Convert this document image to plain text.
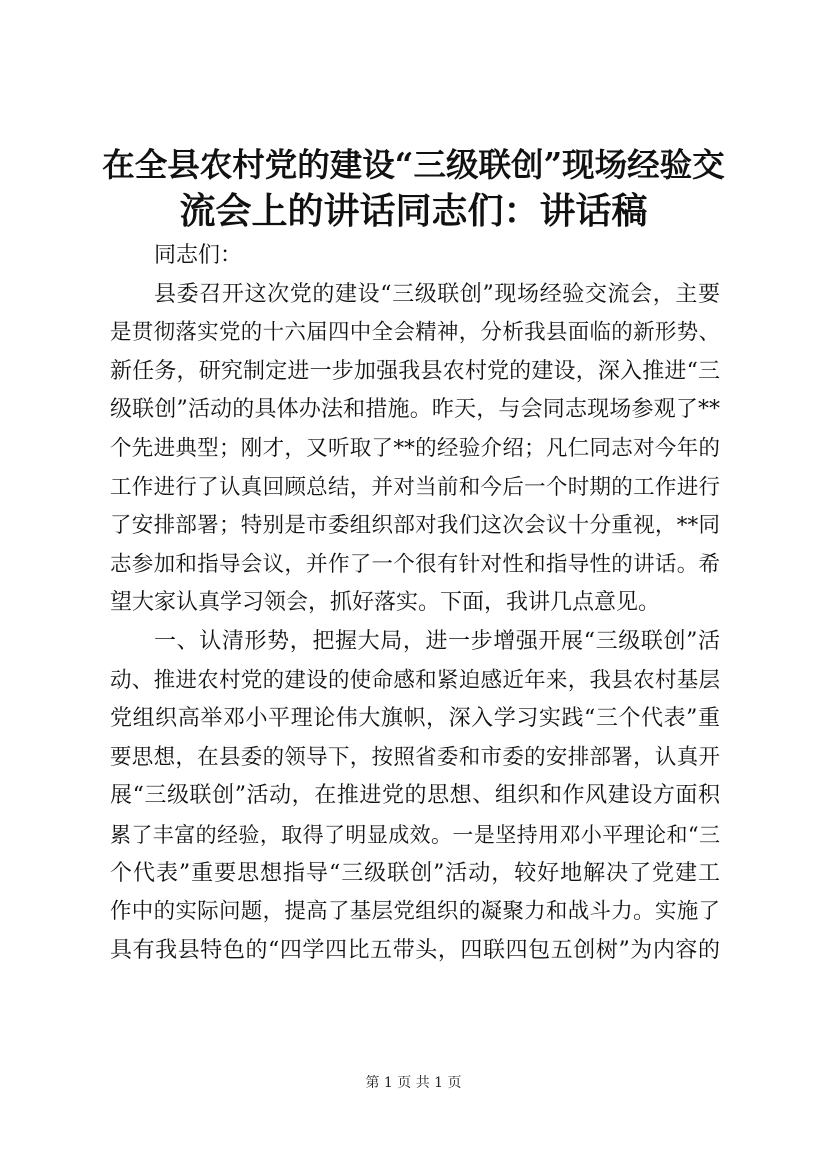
在全县农村党的建设“三级联创”现场经验交
流会上的讲话同志们：讲话稿
同志们：
县委召开这次党的建设“三级联创”现场经验交流会，主要
是贯彻落实党的十六届四中全会精神，分析我县面临的新形势、
新任务，研究制定进一步加强我县农村党的建设，深入推进“三
级联创”活动的具体办法和措施。昨天，与会同志现场参观了**
个先进典型；刚才，又听取了**的经验介绍；凡仁同志对今年的
工作进行了认真回顾总结，并对当前和今后一个时期的工作进行
了安排部署；特别是市委组织部对我们这次会议十分重视，**同
志参加和指导会议，并作了一个很有针对性和指导性的讲话。希
望大家认真学习领会，抓好落实。下面，我讲几点意见。
一、认清形势，把握大局，进一步增强开展“三级联创”活
动、推进农村党的建设的使命感和紧迫感近年来，我县农村基层
党组织高举邓小平理论伟大旗帜，深入学习实践“三个代表”重
要思想，在县委的领导下，按照省委和市委的安排部署，认真开
展“三级联创”活动，在推进党的思想、组织和作风建设方面积
累了丰富的经验，取得了明显成效。一是坚持用邓小平理论和“三
个代表”重要思想指导“三级联创”活动，较好地解决了党建工
作中的实际问题，提高了基层党组织的凝聚力和战斗力。实施了
具有我县特色的“四学四比五带头，四联四包五创树”为内容的
第 1 页 共 1 页
